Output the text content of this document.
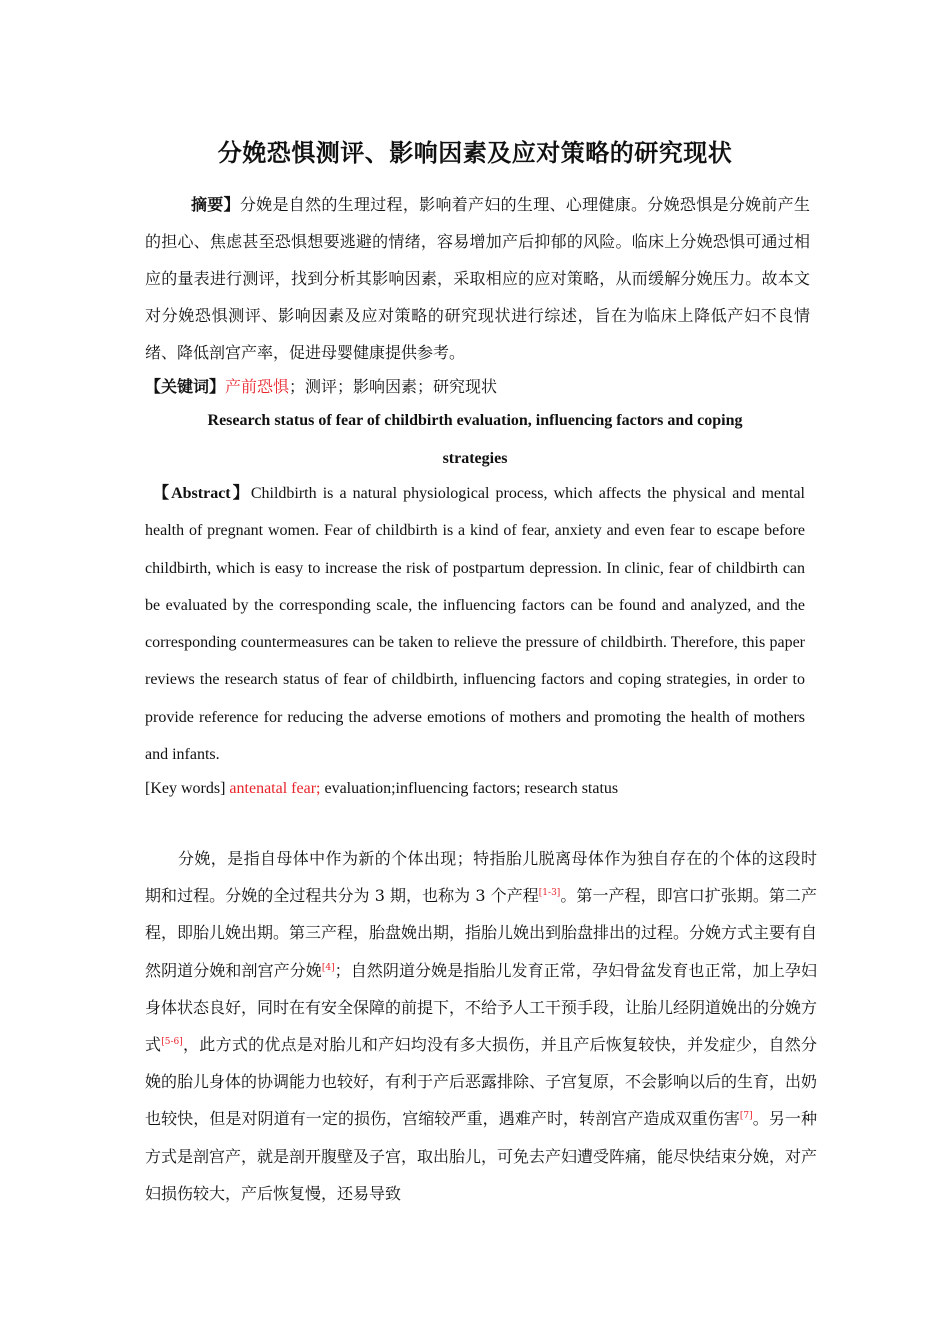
分娩恐惧测评、影响因素及应对策略的研究现状
摘要】分娩是自然的生理过程，影响着产妇的生理、心理健康。分娩恐惧是分娩前产生的担心、焦虑甚至恐惧想要逃避的情绪，容易增加产后抑郁的风险。临床上分娩恐惧可通过相应的量表进行测评，找到分析其影响因素，采取相应的应对策略，从而缓解分娩压力。故本文对分娩恐惧测评、影响因素及应对策略的研究现状进行综述，旨在为临床上降低产妇不良情绪、降低剖宫产率，促进母婴健康提供参考。
【关键词】产前恐惧；测评；影响因素；研究现状
Research status of fear of childbirth evaluation, influencing factors and coping
strategies
【Abstract】Childbirth is a natural physiological process, which affects the physical and mental health of pregnant women. Fear of childbirth is a kind of fear, anxiety and even fear to escape before childbirth, which is easy to increase the risk of postpartum depression. In clinic, fear of childbirth can be evaluated by the corresponding scale, the influencing factors can be found and analyzed, and the corresponding countermeasures can be taken to relieve the pressure of childbirth. Therefore, this paper reviews the research status of fear of childbirth, influencing factors and coping strategies, in order to provide reference for reducing the adverse emotions of mothers and promoting the health of mothers and infants.
[Key words] antenatal fear; evaluation;influencing factors; research status
分娩，是指自母体中作为新的个体出现；特指胎儿脱离母体作为独自存在的个体的这段时期和过程。分娩的全过程共分为 3 期，也称为 3 个产程[1-3]。第一产程，即宫口扩张期。第二产程，即胎儿娩出期。第三产程，胎盘娩出期，指胎儿娩出到胎盘排出的过程。分娩方式主要有自然阴道分娩和剖宫产分娩[4]；自然阴道分娩是指胎儿发育正常，孕妇骨盆发育也正常，加上孕妇身体状态良好，同时在有安全保障的前提下，不给予人工干预手段，让胎儿经阴道娩出的分娩方式[5-6]，此方式的优点是对胎儿和产妇均没有多大损伤，并且产后恢复较快，并发症少，自然分娩的胎儿身体的协调能力也较好，有利于产后恶露排除、子宫复原，不会影响以后的生育，出奶也较快，但是对阴道有一定的损伤，宫缩较严重，遇难产时，转剖宫产造成双重伤害[7]。另一种方式是剖宫产，就是剖开腹壁及子宫，取出胎儿，可免去产妇遭受阵痛，能尽快结束分娩，对产妇损伤较大，产后恢复慢，还易导致
